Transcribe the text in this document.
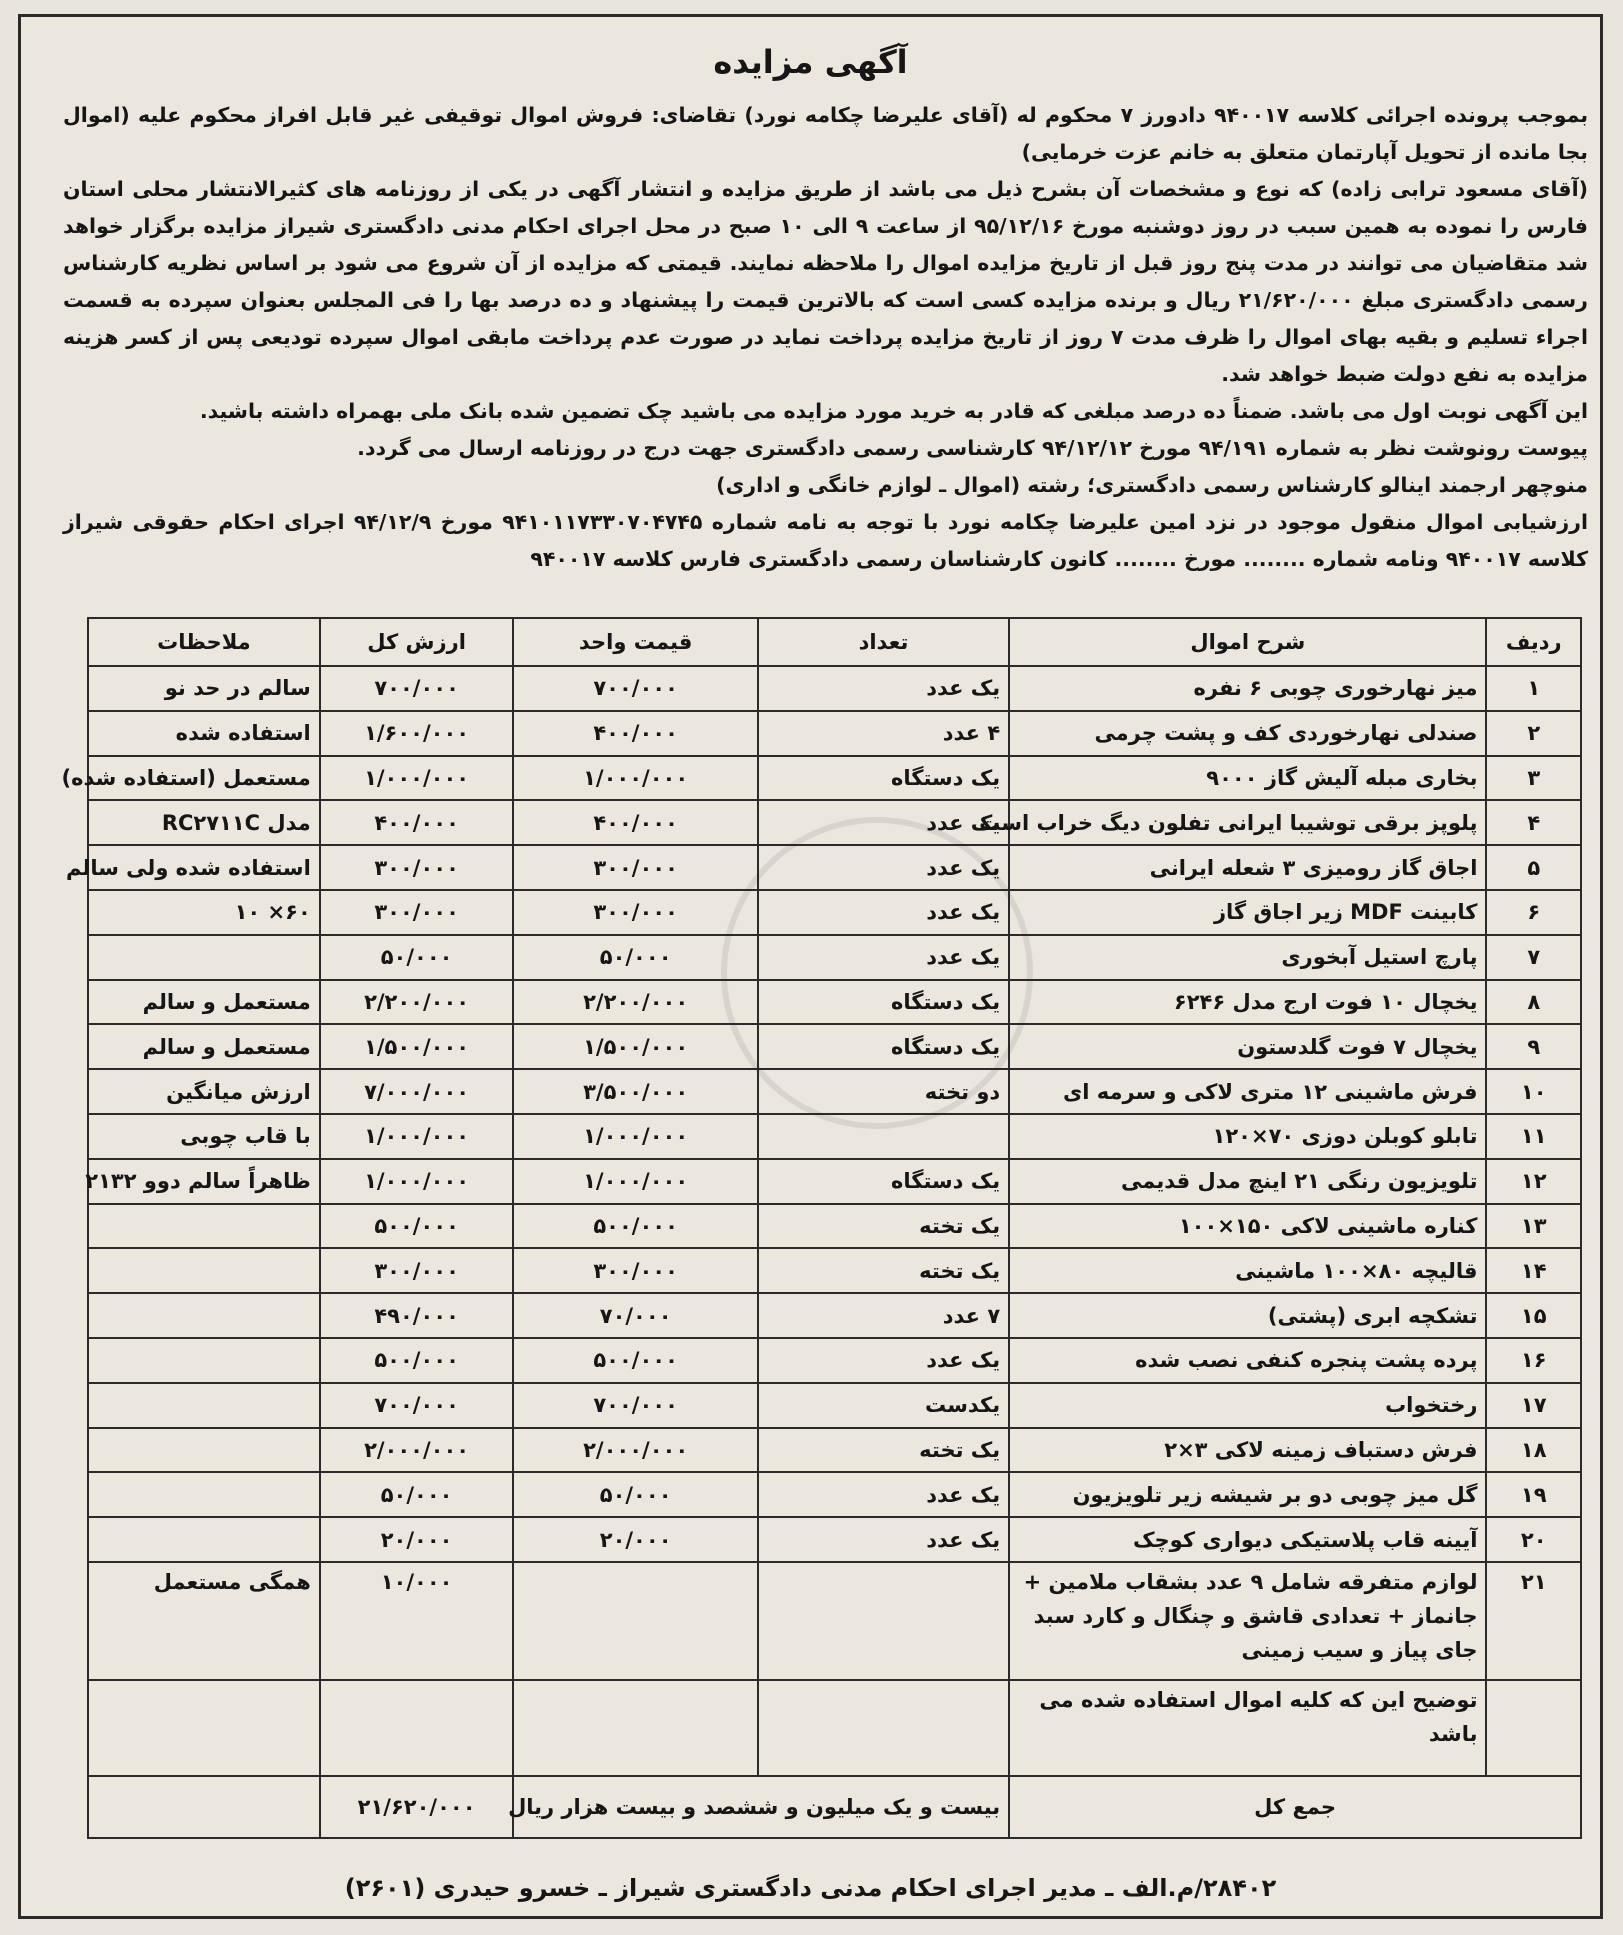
آگهی مزایده

بموجب پرونده اجرائی کلاسه ۹۴۰۰۱۷ دادورز ۷ محکوم له (آقای علیرضا چکامه نورد) تقاضای: فروش اموال توقیفی غیر قابل افراز محکوم علیه (اموال بجا مانده از تحویل آپارتمان متعلق به خانم عزت خرمایی)

(آقای مسعود ترابی زاده) که نوع و مشخصات آن بشرح ذیل می باشد از طریق مزایده و انتشار آگهی در یکی از روزنامه های کثیرالانتشار محلی استان فارس را نموده به همین سبب در روز دوشنبه مورخ ۹۵/۱۲/۱۶ از ساعت ۹ الی ۱۰ صبح در محل اجرای احکام مدنی دادگستری شیراز مزایده برگزار خواهد شد متقاضیان می توانند در مدت پنج روز قبل از تاریخ مزایده اموال را ملاحظه نمایند. قیمتی که مزایده از آن شروع می شود بر اساس نظریه کارشناس رسمی دادگستری مبلغ ۲۱/۶۲۰/۰۰۰ ریال و برنده مزایده کسی است که بالاترین قیمت را پیشنهاد و ده درصد بها را فی المجلس بعنوان سپرده به قسمت اجراء تسلیم و بقیه بهای اموال را ظرف مدت ۷ روز از تاریخ مزایده پرداخت نماید در صورت عدم پرداخت مابقی اموال سپرده تودیعی پس از کسر هزینه مزایده به نفع دولت ضبط خواهد شد.

این آگهی نوبت اول می باشد. ضمناً ده درصد مبلغی که قادر به خرید مورد مزایده می باشید چک تضمین شده بانک ملی بهمراه داشته باشید.

پیوست رونوشت نظر به شماره ۹۴/۱۹۱ مورخ ۹۴/۱۲/۱۲ کارشناسی رسمی دادگستری جهت درج در روزنامه ارسال می گردد.

منوچهر ارجمند اینالو کارشناس رسمی دادگستری؛ رشته (اموال ـ لوازم خانگی و اداری)

ارزشیابی اموال منقول موجود در نزد امین علیرضا چکامه نورد با توجه به نامه شماره ۹۴۱۰۱۱۷۳۳۰۷۰۴۷۴۵ مورخ ۹۴/۱۲/۹ اجرای احکام حقوقی شیراز کلاسه ۹۴۰۰۱۷ ونامه شماره ........ مورخ ........ کانون کارشناسان رسمی دادگستری فارس کلاسه ۹۴۰۰۱۷

ردیف	شرح اموال	تعداد	قیمت واحد	ارزش کل	ملاحظات
۱	میز نهارخوری چوبی ۶ نفره	یک عدد	۷۰۰/۰۰۰	۷۰۰/۰۰۰	سالم در حد نو
۲	صندلی نهارخوردی کف و پشت چرمی	۴ عدد	۴۰۰/۰۰۰	۱/۶۰۰/۰۰۰	استفاده شده
۳	بخاری مبله آلیش گاز ۹۰۰۰	یک دستگاه	۱/۰۰۰/۰۰۰	۱/۰۰۰/۰۰۰	مستعمل (استفاده شده)
۴	پلوپز برقی توشیبا ایرانی تفلون دیگ خراب است	یک عدد	۴۰۰/۰۰۰	۴۰۰/۰۰۰	مدل RC۲۷۱۱C
۵	اجاق گاز رومیزی ۳ شعله ایرانی	یک عدد	۳۰۰/۰۰۰	۳۰۰/۰۰۰	استفاده شده ولی سالم
۶	کابینت MDF زیر اجاق گاز	یک عدد	۳۰۰/۰۰۰	۳۰۰/۰۰۰	۶۰× ۱۰
۷	پارچ استیل آبخوری	یک عدد	۵۰/۰۰۰	۵۰/۰۰۰	
۸	یخچال ۱۰ فوت ارج مدل ۶۲۴۶	یک دستگاه	۲/۲۰۰/۰۰۰	۲/۲۰۰/۰۰۰	مستعمل و سالم
۹	یخچال ۷ فوت گلدستون	یک دستگاه	۱/۵۰۰/۰۰۰	۱/۵۰۰/۰۰۰	مستعمل و سالم
۱۰	فرش ماشینی ۱۲ متری لاکی و سرمه ای	دو تخته	۳/۵۰۰/۰۰۰	۷/۰۰۰/۰۰۰	ارزش میانگین
۱۱	تابلو کوبلن دوزی ۷۰×۱۲۰		۱/۰۰۰/۰۰۰	۱/۰۰۰/۰۰۰	با قاب چوبی
۱۲	تلویزیون رنگی ۲۱ اینچ مدل قدیمی	یک دستگاه	۱/۰۰۰/۰۰۰	۱/۰۰۰/۰۰۰	ظاهراً سالم دوو ۲۱۳۲
۱۳	کناره ماشینی لاکی ۱۵۰×۱۰۰	یک تخته	۵۰۰/۰۰۰	۵۰۰/۰۰۰	
۱۴	قالیچه ۸۰×۱۰۰ ماشینی	یک تخته	۳۰۰/۰۰۰	۳۰۰/۰۰۰	
۱۵	تشکچه ابری (پشتی)	۷ عدد	۷۰/۰۰۰	۴۹۰/۰۰۰	
۱۶	پرده پشت پنجره کنفی نصب شده	یک عدد	۵۰۰/۰۰۰	۵۰۰/۰۰۰	
۱۷	رختخواب	یکدست	۷۰۰/۰۰۰	۷۰۰/۰۰۰	
۱۸	فرش دستباف زمینه لاکی ۳×۲	یک تخته	۲/۰۰۰/۰۰۰	۲/۰۰۰/۰۰۰	
۱۹	گل میز چوبی دو بر شیشه زیر تلویزیون	یک عدد	۵۰/۰۰۰	۵۰/۰۰۰	
۲۰	آیینه قاب پلاستیکی دیواری کوچک	یک عدد	۲۰/۰۰۰	۲۰/۰۰۰	
۲۱	لوازم متفرقه شامل ۹ عدد بشقاب ملامین + جانماز + تعدادی قاشق و چنگال و کارد سبد جای پیاز و سیب زمینی			۱۰/۰۰۰	همگی مستعمل
	توضیح این که کلیه اموال استفاده شده می باشد				
جمع کل		بیست و یک میلیون و ششصد و بیست هزار ریال		۲۱/۶۲۰/۰۰۰	
۲۸۴۰۲/م.الف ـ مدیر اجرای احکام مدنی دادگستری شیراز ـ خسرو حیدری (۲۶۰۱)
